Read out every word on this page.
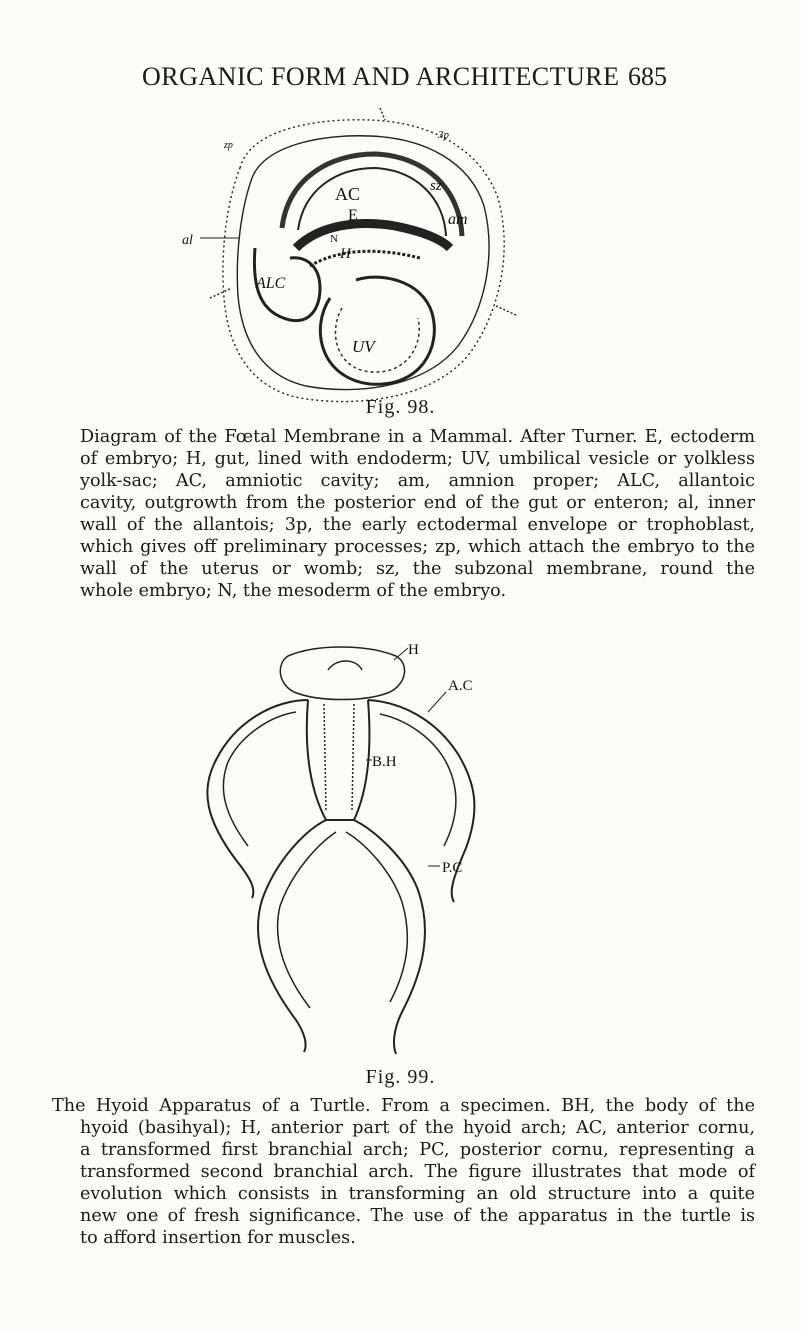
ORGANIC FORM AND ARCHITECTURE 685
AC
E
N
H
ALC
UV
am
sz
al
zp
3p
Fig. 98.
Diagram of the Fœtal Membrane in a Mammal. After Turner. E, ectoderm
of embryo; H, gut, lined with endoderm; UV, umbilical vesicle or yolkless
yolk-sac; AC, amniotic cavity; am, amnion proper; ALC, allantoic
cavity, outgrowth from the posterior end of the gut or enteron; al, inner
wall of the allantois; 3p, the early ectodermal envelope or trophoblast,
which gives off preliminary processes; zp, which attach the embryo to the
wall of the uterus or womb; sz, the subzonal membrane, round the
whole embryo; N, the mesoderm of the embryo.
H
A.C
B.H
P.C
Fig. 99.
The Hyoid Apparatus of a Turtle. From a specimen. BH, the body of the
hyoid (basihyal); H, anterior part of the hyoid arch; AC, anterior cornu,
a transformed first branchial arch; PC, posterior cornu, representing a
transformed second branchial arch. The figure illustrates that mode of
evolution which consists in transforming an old structure into a quite
new one of fresh significance. The use of the apparatus in the turtle is
to afford insertion for muscles.
